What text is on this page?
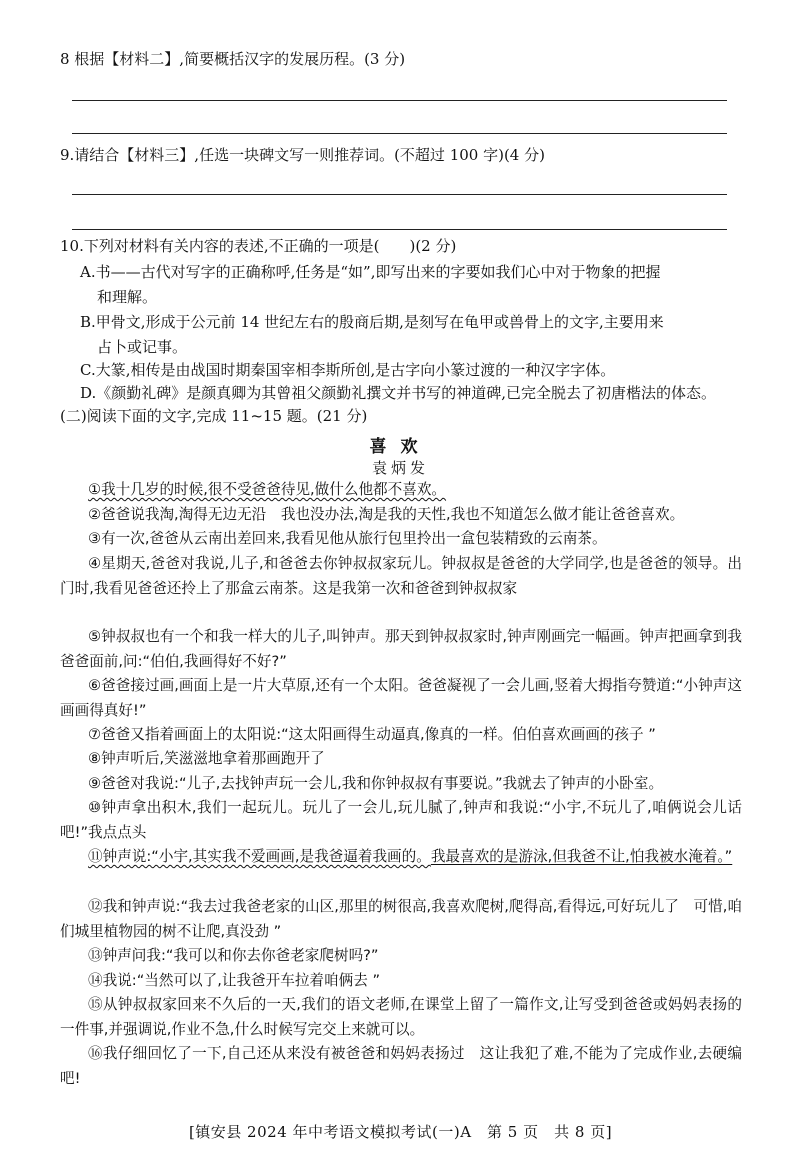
8 根据【材料二】,简要概括汉字的发展历程。(3 分)
9.请结合【材料三】,任选一块碑文写一则推荐词。(不超过 100 字)(4 分)
10.下列对材料有关内容的表述,不正确的一项是(　　)(2 分)
A.书——古代对写字的正确称呼,任务是“如”,即写出来的字要如我们心中对于物象的把握
和理解。
B.甲骨文,形成于公元前 14 世纪左右的殷商后期,是刻写在龟甲或兽骨上的文字,主要用来
占卜或记事。
C.大篆,相传是由战国时期秦国宰相李斯所创,是古字向小篆过渡的一种汉字字体。
D.《颜勤礼碑》是颜真卿为其曾祖父颜勤礼撰文并书写的神道碑,已完全脱去了初唐楷法的体态。
(二)阅读下面的文字,完成 11~15 题。(21 分)
喜欢
袁炳发
①我十几岁的时候,很不受爸爸待见,做什么他都不喜欢。
②爸爸说我淘,淘得无边无沿　我也没办法,淘是我的天性,我也不知道怎么做才能让爸爸喜欢。
③有一次,爸爸从云南出差回来,我看见他从旅行包里拎出一盒包装精致的云南茶。
④星期天,爸爸对我说,儿子,和爸爸去你钟叔叔家玩儿。钟叔叔是爸爸的大学同学,也是爸爸的领导。出门时,我看见爸爸还拎上了那盒云南茶。这是我第一次和爸爸到钟叔叔家
⑤钟叔叔也有一个和我一样大的儿子,叫钟声。那天到钟叔叔家时,钟声刚画完一幅画。钟声把画拿到我爸爸面前,问:“伯伯,我画得好不好?”
⑥爸爸接过画,画面上是一片大草原,还有一个太阳。爸爸凝视了一会儿画,竖着大拇指夸赞道:“小钟声这画画得真好!”
⑦爸爸又指着画面上的太阳说:“这太阳画得生动逼真,像真的一样。伯伯喜欢画画的孩子 ”
⑧钟声听后,笑滋滋地拿着那画跑开了
⑨爸爸对我说:“儿子,去找钟声玩一会儿,我和你钟叔叔有事要说。”我就去了钟声的小卧室。
⑩钟声拿出积木,我们一起玩儿。玩儿了一会儿,玩儿腻了,钟声和我说:“小宇,不玩儿了,咱俩说会儿话吧!”我点点头
⑪钟声说:“小宇,其实我不爱画画,是我爸逼着我画的。我最喜欢的是游泳,但我爸不让,怕我被水淹着。”
⑫我和钟声说:“我去过我爸老家的山区,那里的树很高,我喜欢爬树,爬得高,看得远,可好玩儿了　可惜,咱们城里植物园的树不让爬,真没劲 ”
⑬钟声问我:“我可以和你去你爸老家爬树吗?”
⑭我说:“当然可以了,让我爸开车拉着咱俩去 ”
⑮从钟叔叔家回来不久后的一天,我们的语文老师,在课堂上留了一篇作文,让写受到爸爸或妈妈表扬的一件事,并强调说,作业不急,什么时候写完交上来就可以。
⑯我仔细回忆了一下,自己还从来没有被爸爸和妈妈表扬过　这让我犯了难,不能为了完成作业,去硬编吧!
[镇安县 2024 年中考语文模拟考试(一)A　第 5 页　共 8 页]
